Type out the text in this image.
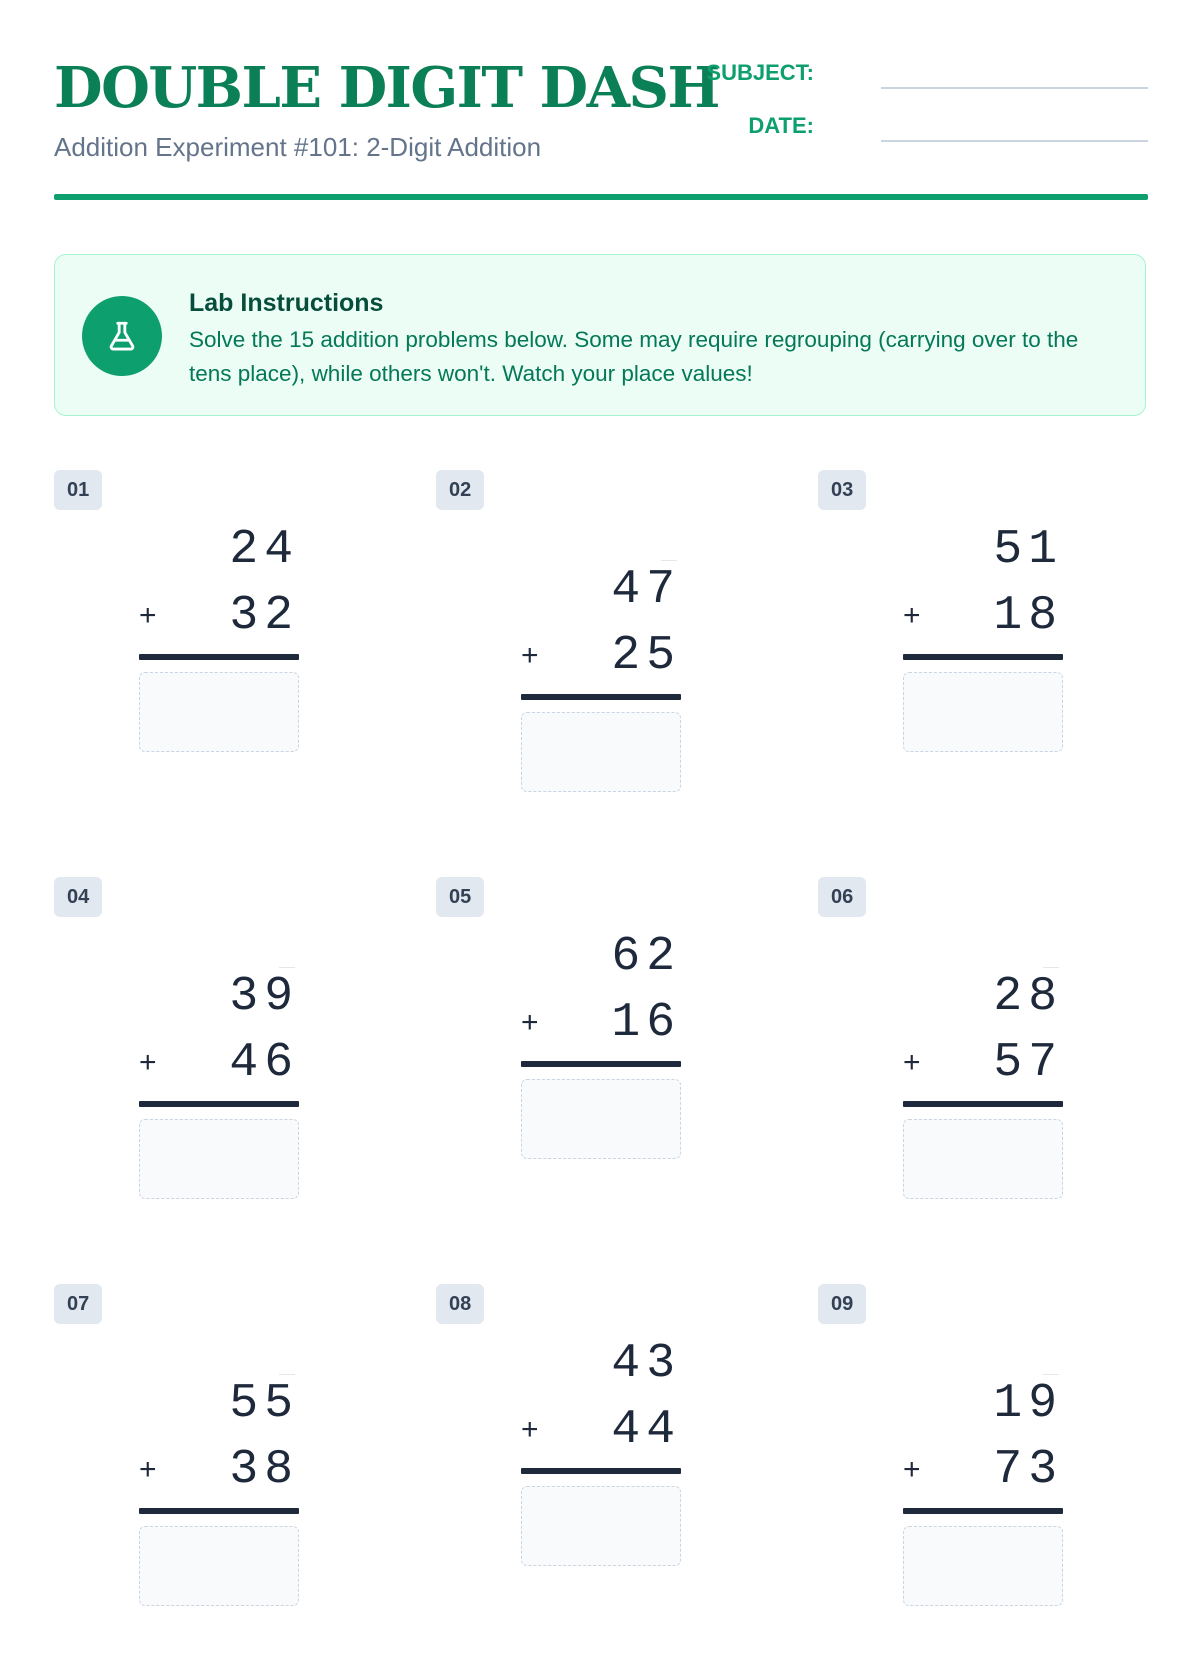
DOUBLE DIGIT DASH
Addition Experiment #101: 2-Digit Addition
SUBJECT:
DATE:
Lab Instructions
Solve the 15 addition problems below. Some may require regrouping (carrying over to the tens place), while others won't. Watch your place values!
01
24
+	32
02
47
+	25
03
51
+	18
04
39
+	46
05
62
+	16
06
28
+	57
07
55
+	38
08
43
+	44
09
19
+	73
